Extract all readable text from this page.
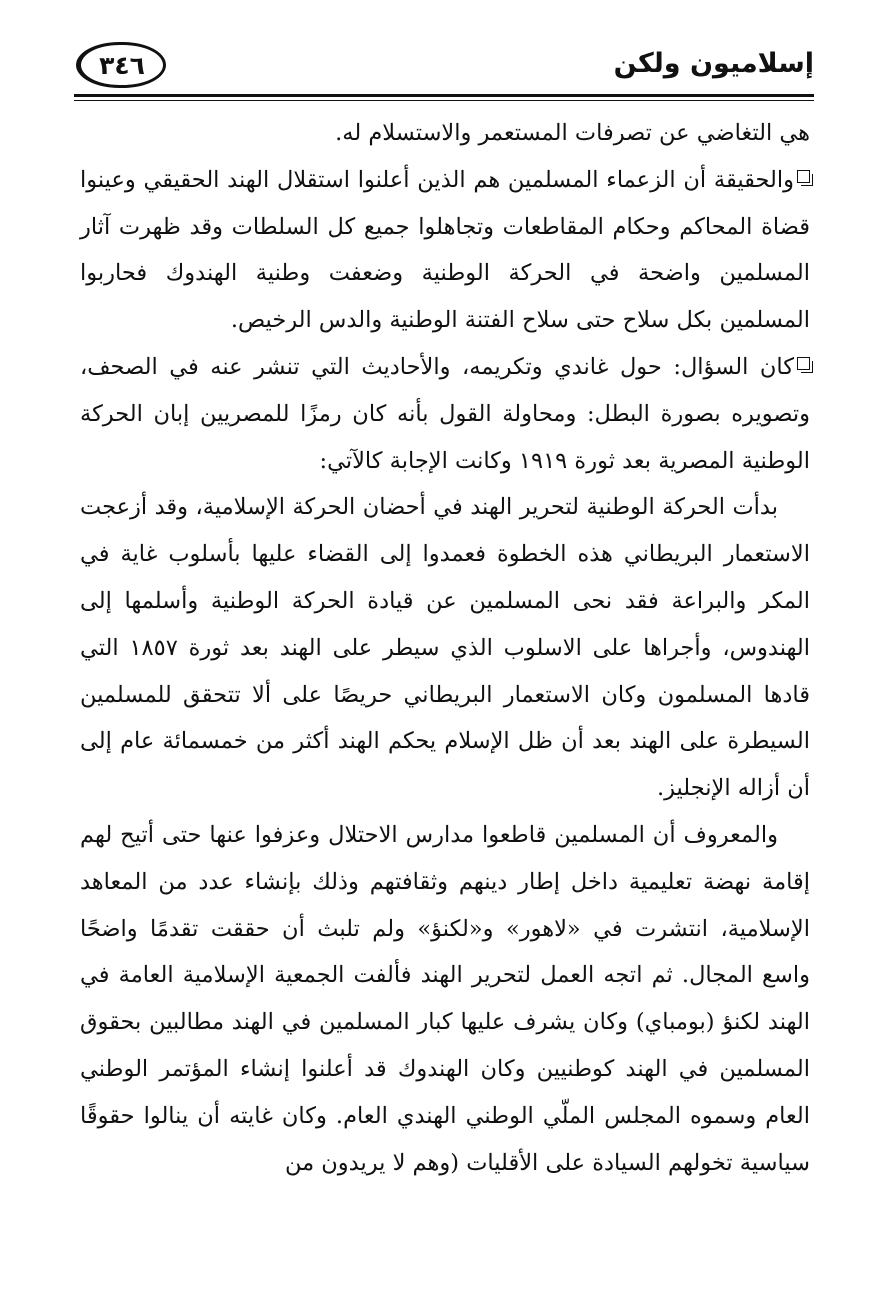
إسلاميون ولكن
٣٤٦

هي التغاضي عن تصرفات المستعمر والاستسلام له.

والحقيقة أن الزعماء المسلمين هم الذين أعلنوا استقلال الهند الحقيقي وعينوا قضاة المحاكم وحكام المقاطعات وتجاهلوا جميع كل السلطات وقد ظهرت آثار المسلمين واضحة في الحركة الوطنية وضعفت وطنية الهندوك فحاربوا المسلمين بكل سلاح حتى سلاح الفتنة الوطنية والدس الرخيص.

كان السؤال: حول غاندي وتكريمه، والأحاديث التي تنشر عنه في الصحف، وتصويره بصورة البطل: ومحاولة القول بأنه كان رمزًا للمصريين إبان الحركة الوطنية المصرية بعد ثورة ١٩١٩ وكانت الإجابة كالآتي:

بدأت الحركة الوطنية لتحرير الهند في أحضان الحركة الإسلامية، وقد أزعجت الاستعمار البريطاني هذه الخطوة فعمدوا إلى القضاء عليها بأسلوب غاية في المكر والبراعة فقد نحى المسلمين عن قيادة الحركة الوطنية وأسلمها إلى الهندوس، وأجراها على الاسلوب الذي سيطر على الهند بعد ثورة ١٨٥٧ التي قادها المسلمون وكان الاستعمار البريطاني حريصًا على ألا تتحقق للمسلمين السيطرة على الهند بعد أن ظل الإسلام يحكم الهند أكثر من خمسمائة عام إلى أن أزاله الإنجليز.

والمعروف أن المسلمين قاطعوا مدارس الاحتلال وعزفوا عنها حتى أتيح لهم إقامة نهضة تعليمية داخل إطار دينهم وثقافتهم وذلك بإنشاء عدد من المعاهد الإسلامية، انتشرت في «لاهور» و«لكنؤ» ولم تلبث أن حققت تقدمًا واضحًا واسع المجال. ثم اتجه العمل لتحرير الهند فألفت الجمعية الإسلامية العامة في الهند لكنؤ (بومباي) وكان يشرف عليها كبار المسلمين في الهند مطالبين بحقوق المسلمين في الهند كوطنيين وكان الهندوك قد أعلنوا إنشاء المؤتمر الوطني العام وسموه المجلس الملّي الوطني الهندي العام. وكان غايته أن ينالوا حقوقًا سياسية تخولهم السيادة على الأقليات (وهم لا يريدون من
